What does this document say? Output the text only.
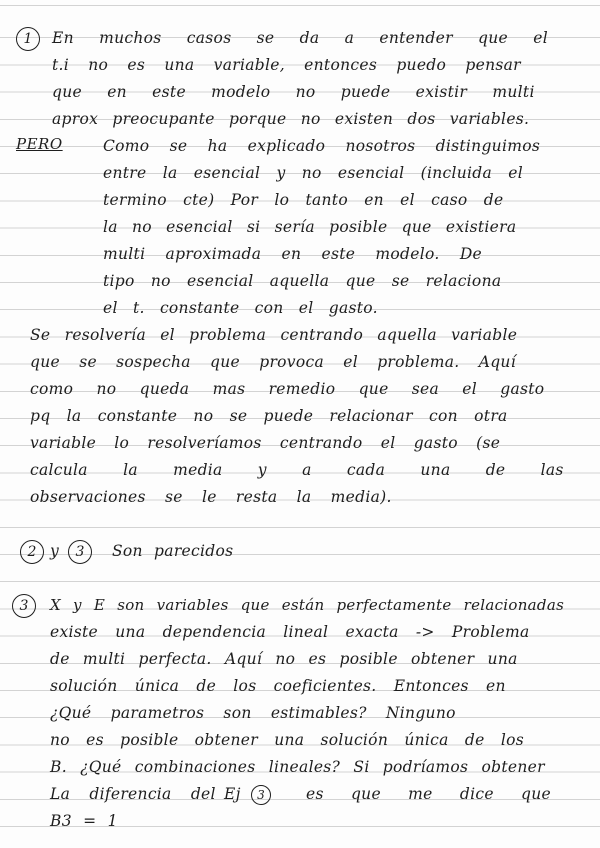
1	En muchos casos se da a entender que el
t.i no es una variable, entonces puedo pensar
que en este modelo no puede existir multi
aprox preocupante porque no existen dos variables.
PERO	Como se ha explicado nosotros distinguimos
entre la esencial y no esencial (incluida el
termino cte) Por lo tanto en el caso de
la no esencial si sería posible que existiera
multi aproximada en este modelo. De
tipo no esencial aquella que se relaciona
el t. constante con el gasto.
Se resolvería el problema centrando aquella variable
que se sospecha que provoca el problema. Aquí
como no queda mas remedio que sea el gasto
pq la constante no se puede relacionar con otra
variable lo resolveríamos centrando el gasto (se
calcula la media y a cada una de las
observaciones se le resta la media).
2 y	3	Son parecidos
3	X y E son variables que están perfectamente relacionadas
existe una dependencia lineal exacta -> Problema
de multi perfecta. Aquí no es posible obtener una
solución única de los coeficientes. Entonces en
¿Qué parametros son estimables? Ninguno
no es posible obtener una solución única de los
B. ¿Qué combinaciones lineales? Si podríamos obtener
La diferencia del Ej	3	es que me dice que
B3 = 1
